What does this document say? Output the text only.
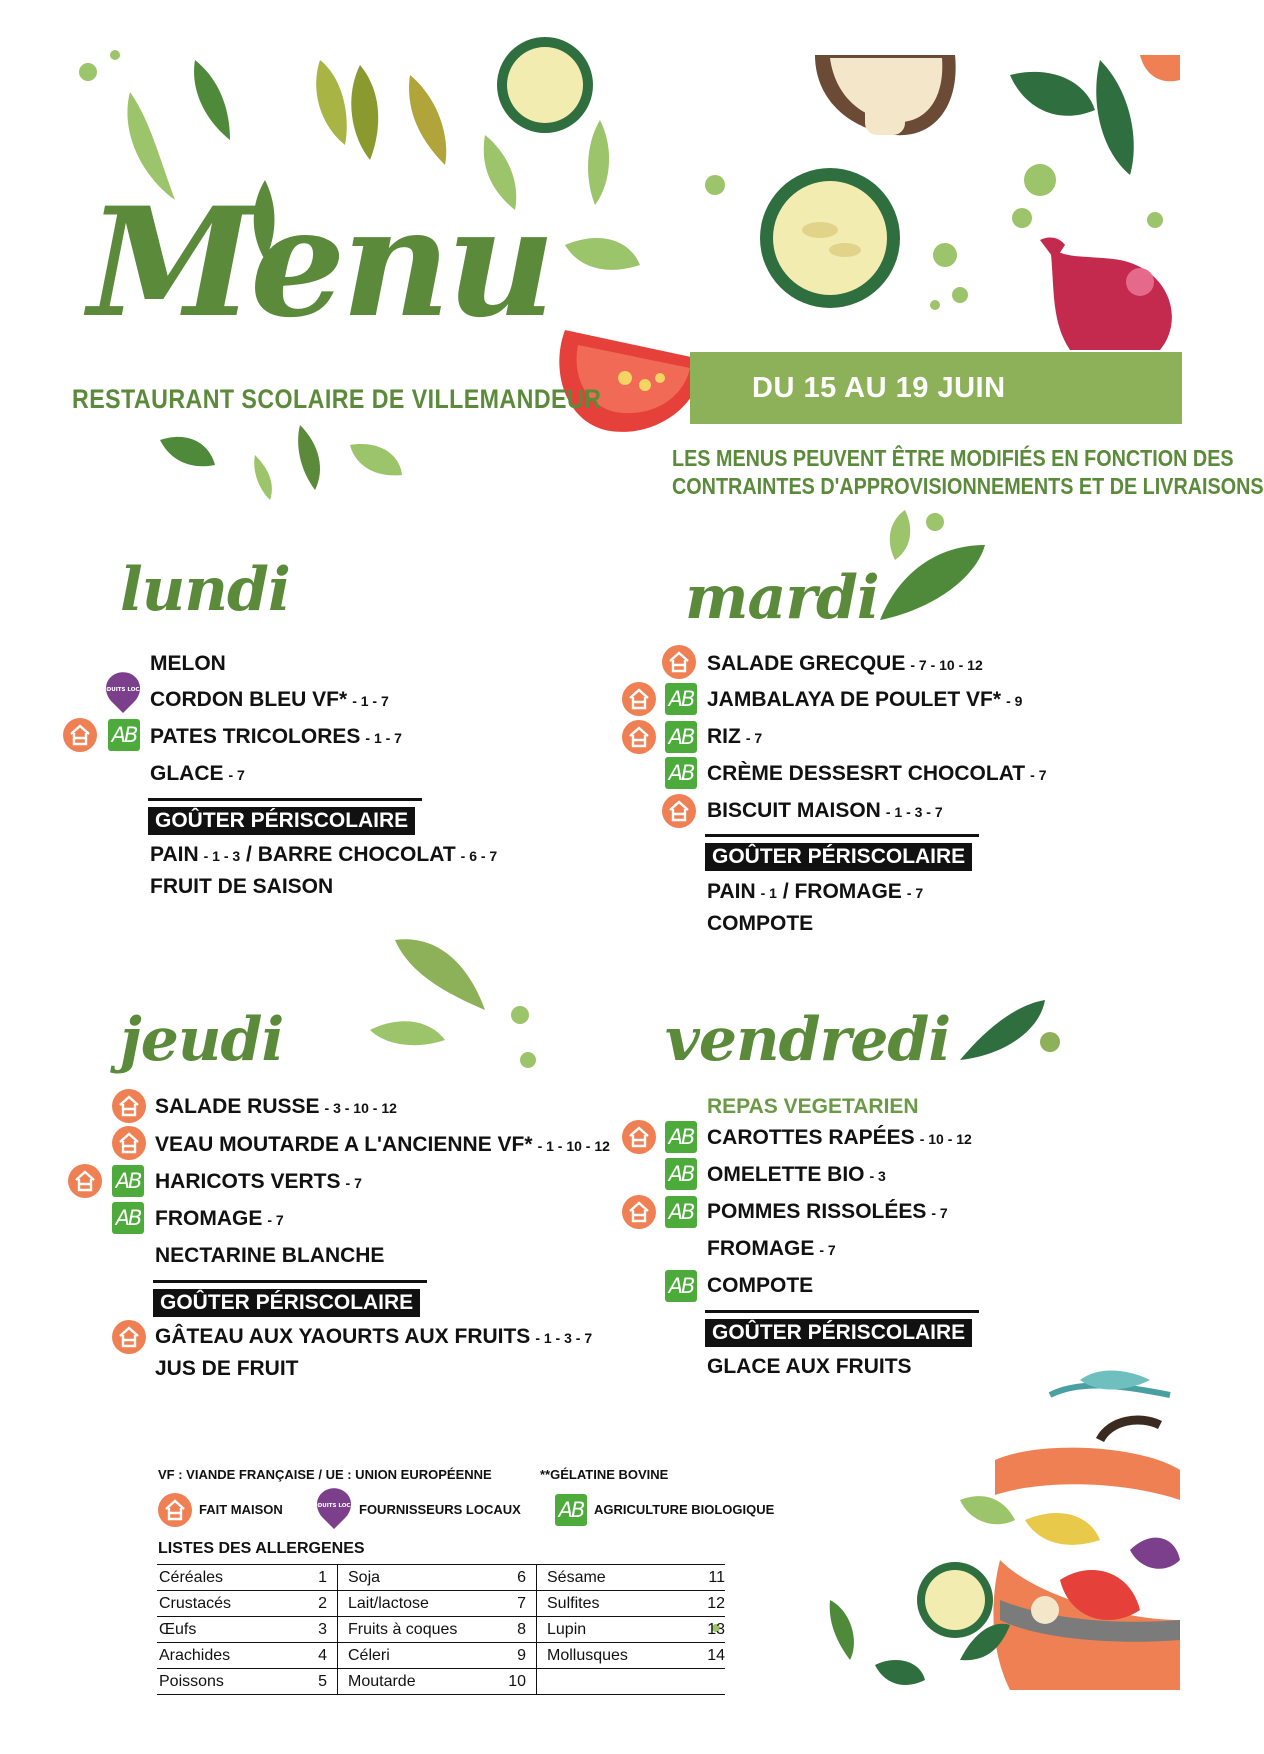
Menu
RESTAURANT SCOLAIRE DE VILLEMANDEUR	DU 15 AU 19 JUIN
LES MENUS PEUVENT ÊTRE MODIFIÉS EN FONCTION DES
CONTRAINTES D'APPROVISIONNEMENTS ET DE LIVRAISONS
lundi
MELON
PRODUITS LOCAUX
CORDON BLEU VF* - 1 - 7
AB PATES TRICOLORES - 1 - 7
GLACE - 7
GOÛTER PÉRISCOLAIRE
PAIN - 1 - 3 / BARRE CHOCOLAT - 6 - 7
FRUIT DE SAISON
mardi
SALADE GRECQUE - 7 - 10 - 12
AB JAMBALAYA DE POULET VF* - 9
AB RIZ - 7
AB CRÈME DESSESRT CHOCOLAT - 7
BISCUIT MAISON - 1 - 3 - 7
GOÛTER PÉRISCOLAIRE
PAIN - 1 / FROMAGE - 7
COMPOTE
jeudi
SALADE RUSSE - 3 - 10 - 12
VEAU MOUTARDE A L'ANCIENNE VF* - 1 - 10 - 12
AB HARICOTS VERTS - 7
AB FROMAGE - 7
NECTARINE BLANCHE
GOÛTER PÉRISCOLAIRE
GÂTEAU AUX YAOURTS AUX FRUITS - 1 - 3 - 7
JUS DE FRUIT
vendredi
REPAS VEGETARIEN
AB CAROTTES RAPÉES - 10 - 12
AB OMELETTE BIO - 3
AB POMMES RISSOLÉES - 7
FROMAGE - 7
AB COMPOTE
GOÛTER PÉRISCOLAIRE
GLACE AUX FRUITS
VF : VIANDE FRANÇAISE / UE : UNION EUROPÉENNE	**GÉLATINE BOVINE
FAIT MAISON	PRODUITS LOCAUX
FOURNISSEURS LOCAUX AB AGRICULTURE BIOLOGIQUE
LISTES DES ALLERGENES
Céréales	1	Soja	6	Sésame	11
Crustacés	2	Lait/lactose	7	Sulfites	12
Œufs	3	Fruits à coques	8	Lupin	13
Arachides	4	Céleri	9	Mollusques	14
Poissons	5	Moutarde	10		
